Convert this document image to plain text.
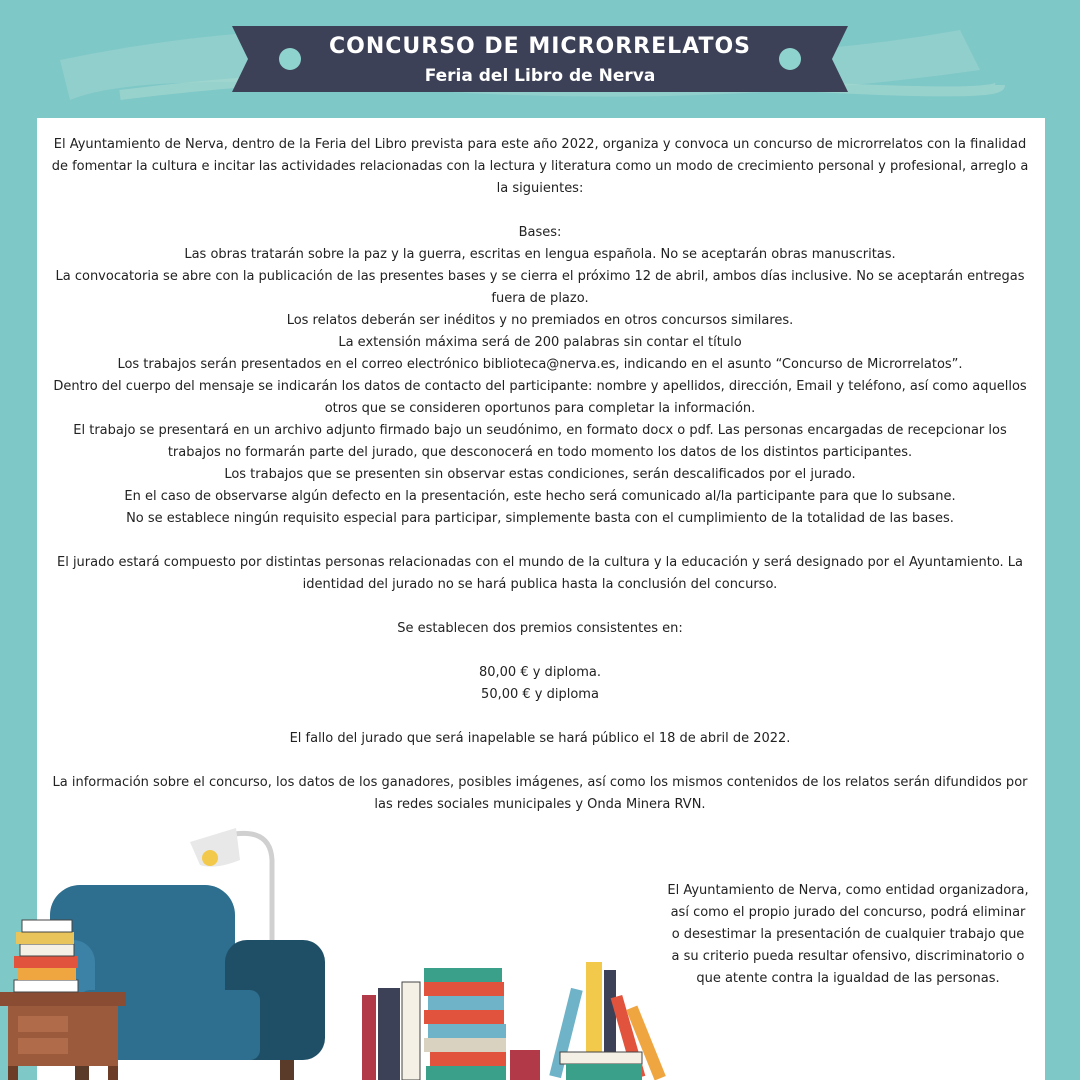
CONCURSO DE MICRORRELATOS
Feria del Libro de Nerva

El Ayuntamiento de Nerva, dentro de la Feria del Libro prevista para este año 2022, organiza y convoca un concurso de microrrelatos con la finalidad de fomentar la cultura e incitar las actividades relacionadas con la lectura y literatura como un modo de crecimiento personal y profesional, arreglo a la siguientes:

Bases:

Las obras tratarán sobre la paz y la guerra, escritas en lengua española. No se aceptarán obras manuscritas.

La convocatoria se abre con la publicación de las presentes bases y se cierra el próximo 12 de abril, ambos días inclusive. No se aceptarán entregas fuera de plazo.

Los relatos deberán ser inéditos y no premiados en otros concursos similares.

La extensión máxima será de 200 palabras sin contar el título

Los trabajos serán presentados en el correo electrónico biblioteca@nerva.es, indicando en el asunto “Concurso de Microrrelatos”.

Dentro del cuerpo del mensaje se indicarán los datos de contacto del participante: nombre y apellidos, dirección, Email y teléfono, así como aquellos otros que se consideren oportunos para completar la información.

El trabajo se presentará en un archivo adjunto firmado bajo un seudónimo, en formato docx o pdf. Las personas encargadas de recepcionar los trabajos no formarán parte del jurado, que desconocerá en todo momento los datos de los distintos participantes.

Los trabajos que se presenten sin observar estas condiciones, serán descalificados por el jurado.

En el caso de observarse algún defecto en la presentación, este hecho será comunicado al/la participante para que lo subsane.

No se establece ningún requisito especial para participar, simplemente basta con el cumplimiento de la totalidad de las bases.

El jurado estará compuesto por distintas personas relacionadas con el mundo de la cultura y la educación y será designado por el Ayuntamiento. La identidad del jurado no se hará publica hasta la conclusión del concurso.

Se establecen dos premios consistentes en:

80,00 € y diploma.

50,00 € y diploma

El fallo del jurado que será inapelable se hará público el 18 de abril de 2022.

La información sobre el concurso, los datos de los ganadores, posibles imágenes, así como los mismos contenidos de los relatos serán difundidos por las redes sociales municipales y Onda Minera RVN.

El Ayuntamiento de Nerva, como entidad organizadora, así como el propio jurado del concurso, podrá eliminar o desestimar la presentación de cualquier trabajo que a su criterio pueda resultar ofensivo, discriminatorio o que atente contra la igualdad de las personas.
